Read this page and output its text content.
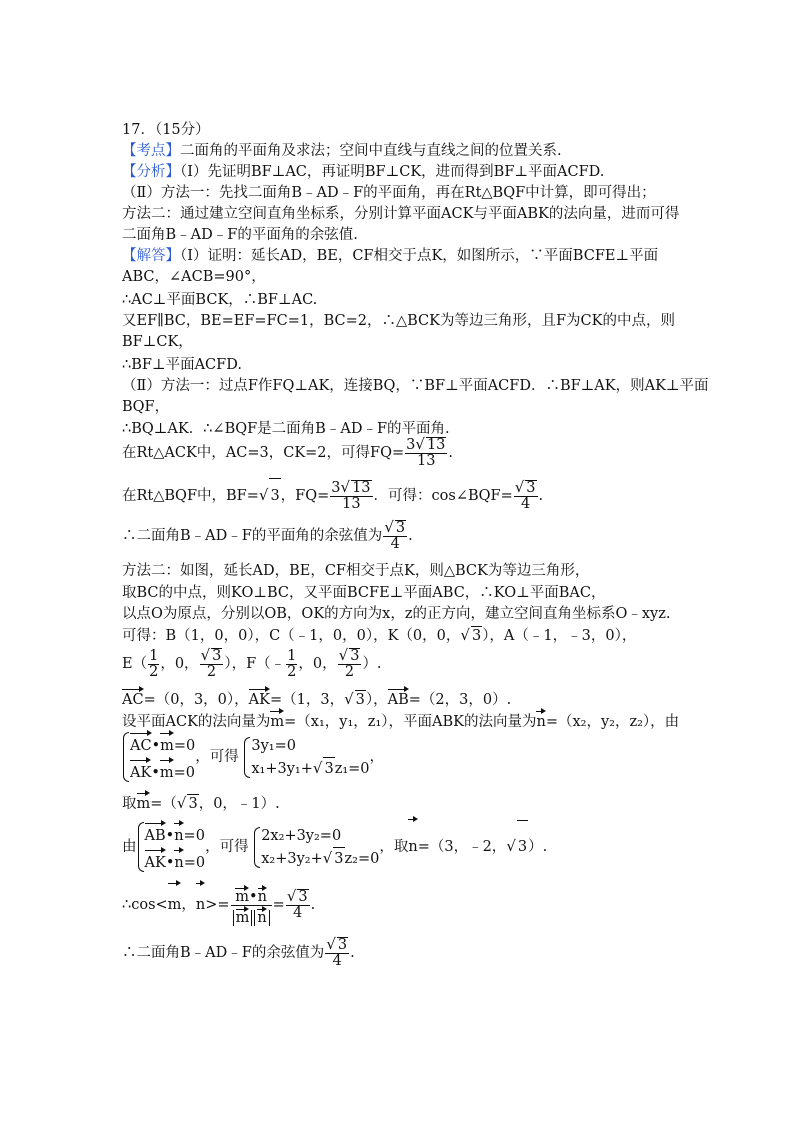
17．（15分）
【考点】二面角的平面角及求法；空间中直线与直线之间的位置关系.
【分析】（Ⅰ）先证明BF⊥AC，再证明BF⊥CK，进而得到BF⊥平面ACFD.
（Ⅱ）方法一：先找二面角B﹣AD﹣F的平面角，再在Rt△BQF中计算，即可得出；
方法二：通过建立空间直角坐标系，分别计算平面ACK与平面ABK的法向量，进而可得
二面角B﹣AD﹣F的平面角的余弦值.
【解答】（Ⅰ）证明：延长AD，BE，CF相交于点K，如图所示，∵平面BCFE⊥平面
ABC，∠ACB=90°，
∴AC⊥平面BCK，∴BF⊥AC.
又EF∥BC，BE=EF=FC=1，BC=2，∴△BCK为等边三角形，且F为CK的中点，则
BF⊥CK，
∴BF⊥平面ACFD.
（Ⅱ）方法一：过点F作FQ⊥AK，连接BQ，∵BF⊥平面ACFD．∴BF⊥AK，则AK⊥平面
BQF，
∴BQ⊥AK．∴∠BQF是二面角B﹣AD﹣F的平面角.
在Rt△ACK中，AC=3，CK=2，可得$FQ= \frac{3√ 13}{13}$ .
在Rt△BQF中，BF=√ 3，$FQ= \frac{3√ 13}{13}$ ．可得：cos∠BQF= $\frac{√ 3}{4}$ .
∴二面角B﹣AD﹣F的平面角的余弦值为 $\frac{√ 3}{4}$ .
方法二：如图，延长AD，BE，CF相交于点K，则△BCK为等边三角形，
取BC的中点，则KO⊥BC，又平面BCFE⊥平面ABC，∴KO⊥平面BAC，
以点O为原点，分别以OB，OK的方向为x，z的正方向，建立空间直角坐标系O﹣xyz.
可得：B（1，0，0），C（﹣1，0，0），K（0，0，√ 3），A（﹣1，﹣3，0），
$E( \frac{1}{2}$ ，0， $\frac{√ 3}{2}$ ），F（﹣ $\frac{1}{2}$ ，0， $\frac{√ 3}{2}$ ）.
AC=（0，3，0），AK=（1，3，√ 3），AB=（2，3，0）.
设平面ACK的法向量为m=（x₁，y₁，z₁），平面ABK的法向量为n=（x₂，y₂，z₂），由
AC•m=0
AK•m=0
，可得
3y₁=0
x₁+3y₁+√ 3z₁=0
，
取m=（√ 3，0，﹣1）.
由
AB•n=0
AK•n=0
，可得
2x₂+3y₂=0
x₂+3y₂+√ 3z₂=0
，取n=（3，﹣2，√ 3）.
∴cos<m，$n>= \frac{m•n}{\text{m n}} = \frac{√ 3}{4}$ .
∴二面角B﹣AD﹣F的余弦值为 $\frac{√ 3}{4}$ .
